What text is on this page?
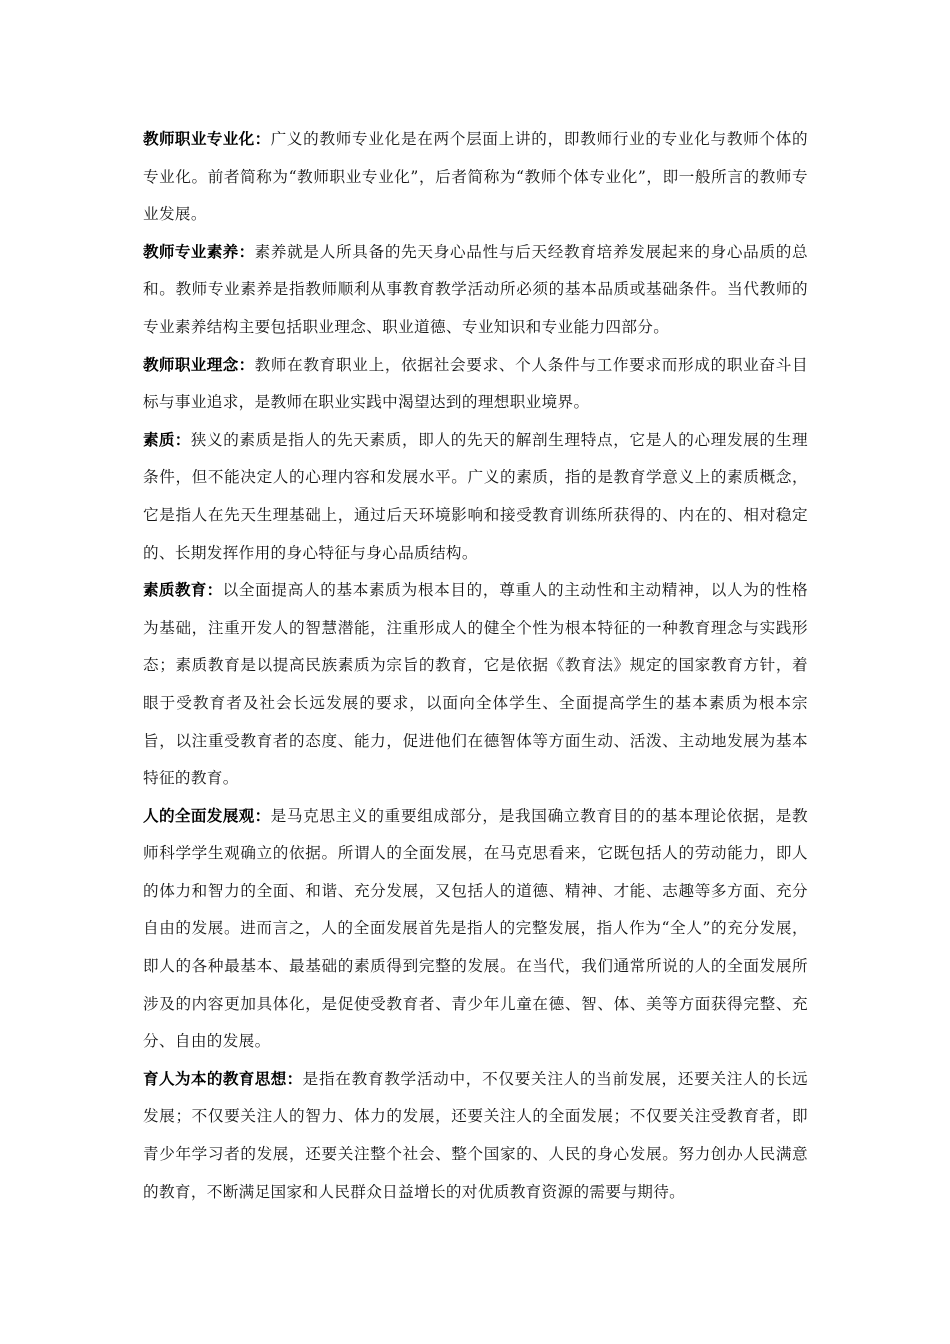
教师职业专业化：广义的教师专业化是在两个层面上讲的，即教师行业的专业化与教师个体的专业化。前者简称为“教师职业专业化”，后者简称为“教师个体专业化”，即一般所言的教师专业发展。

教师专业素养：素养就是人所具备的先天身心品性与后天经教育培养发展起来的身心品质的总和。教师专业素养是指教师顺利从事教育教学活动所必须的基本品质或基础条件。当代教师的专业素养结构主要包括职业理念、职业道德、专业知识和专业能力四部分。

教师职业理念：教师在教育职业上，依据社会要求、个人条件与工作要求而形成的职业奋斗目标与事业追求，是教师在职业实践中渴望达到的理想职业境界。

素质：狭义的素质是指人的先天素质，即人的先天的解剖生理特点，它是人的心理发展的生理条件，但不能决定人的心理内容和发展水平。广义的素质，指的是教育学意义上的素质概念，它是指人在先天生理基础上，通过后天环境影响和接受教育训练所获得的、内在的、相对稳定的、长期发挥作用的身心特征与身心品质结构。

素质教育：以全面提高人的基本素质为根本目的，尊重人的主动性和主动精神，以人为的性格为基础，注重开发人的智慧潜能，注重形成人的健全个性为根本特征的一种教育理念与实践形态；素质教育是以提高民族素质为宗旨的教育，它是依据《教育法》规定的国家教育方针，着眼于受教育者及社会长远发展的要求，以面向全体学生、全面提高学生的基本素质为根本宗旨，以注重受教育者的态度、能力，促进他们在德智体等方面生动、活泼、主动地发展为基本特征的教育。

人的全面发展观：是马克思主义的重要组成部分，是我国确立教育目的的基本理论依据，是教师科学学生观确立的依据。所谓人的全面发展，在马克思看来，它既包括人的劳动能力，即人的体力和智力的全面、和谐、充分发展，又包括人的道德、精神、才能、志趣等多方面、充分自由的发展。进而言之，人的全面发展首先是指人的完整发展，指人作为“全人”的充分发展，即人的各种最基本、最基础的素质得到完整的发展。在当代，我们通常所说的人的全面发展所涉及的内容更加具体化，是促使受教育者、青少年儿童在德、智、体、美等方面获得完整、充分、自由的发展。

育人为本的教育思想：是指在教育教学活动中，不仅要关注人的当前发展，还要关注人的长远发展；不仅要关注人的智力、体力的发展，还要关注人的全面发展；不仅要关注受教育者，即青少年学习者的发展，还要关注整个社会、整个国家的、人民的身心发展。努力创办人民满意的教育，不断满足国家和人民群众日益增长的对优质教育资源的需要与期待。
